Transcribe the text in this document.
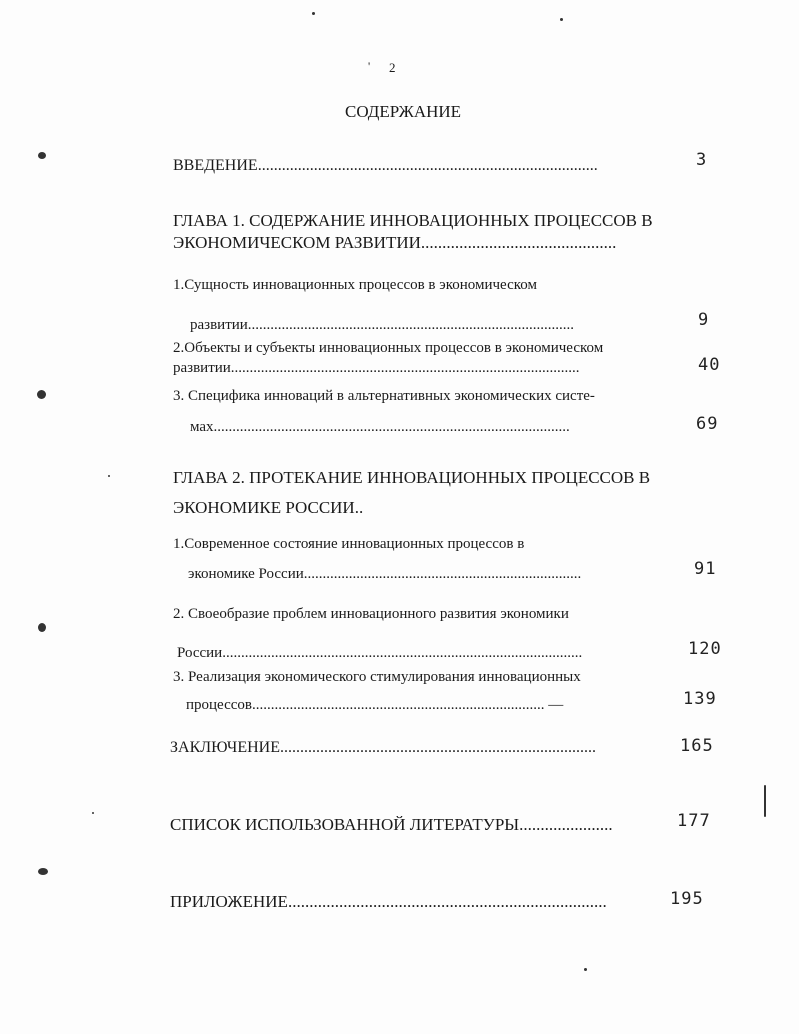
' 2
СОДЕРЖАНИЕ
ВВЕДЕНИЕ.....................................................................................	3
ГЛАВА 1. СОДЕРЖАНИЕ ИННОВАЦИОННЫХ ПРОЦЕССОВ В
ЭКОНОМИЧЕСКОМ РАЗВИТИИ..............................................
1.Сущность инновационных процессов в экономическом
развитии.......................................................................................	9
2.Объекты и субъекты инновационных процессов в экономическом
развитии.............................................................................................	40
3. Специфика инноваций в альтернативных экономических систе-
мах...............................................................................................	69
ГЛАВА 2. ПРОТЕКАНИЕ ИННОВАЦИОННЫХ ПРОЦЕССОВ В
ЭКОНОМИКЕ РОССИИ..
1.Современное состояние инновационных процессов в
экономике России..........................................................................	91
2. Своеобразие проблем инновационного развития экономики
России................................................................................................	120
3. Реализация экономического стимулирования инновационных
процессов.............................................................................. —	139
ЗАКЛЮЧЕНИЕ...............................................................................	165
СПИСОК ИСПОЛЬЗОВАННОЙ ЛИТЕРАТУРЫ......................	177
ПРИЛОЖЕНИЕ...........................................................................	195
